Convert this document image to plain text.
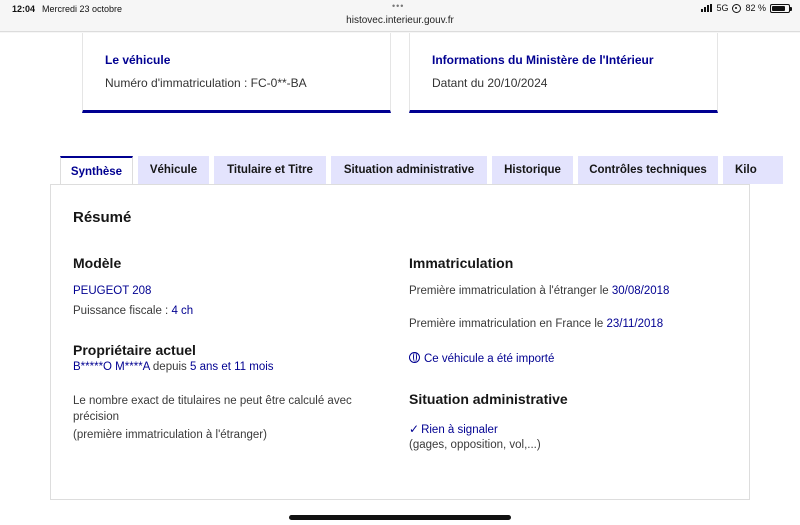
12:04 Mercredi 23 octobre	•••
histovec.interieur.gouv.fr
5G 82 %
Le véhicule
Numéro d'immatriculation : FC-0**-BA
Informations du Ministère de l'Intérieur
Datant du 20/10/2024
Synthèse	Véhicule	Titulaire et Titre	Situation administrative	Historique	Contrôles techniques	Kilo
Résumé
Modèle
PEUGEOT 208
Puissance fiscale : 4 ch
Propriétaire actuel
B*****O M****A depuis 5 ans et 11 mois
Le nombre exact de titulaires ne peut être calculé avec
précision
(première immatriculation à l'étranger)
Immatriculation
Première immatriculation à l'étranger le 30/08/2018
Première immatriculation en France le 23/11/2018
Ce véhicule a été importé
Situation administrative
✓ Rien à signaler
(gages, opposition, vol,...)
